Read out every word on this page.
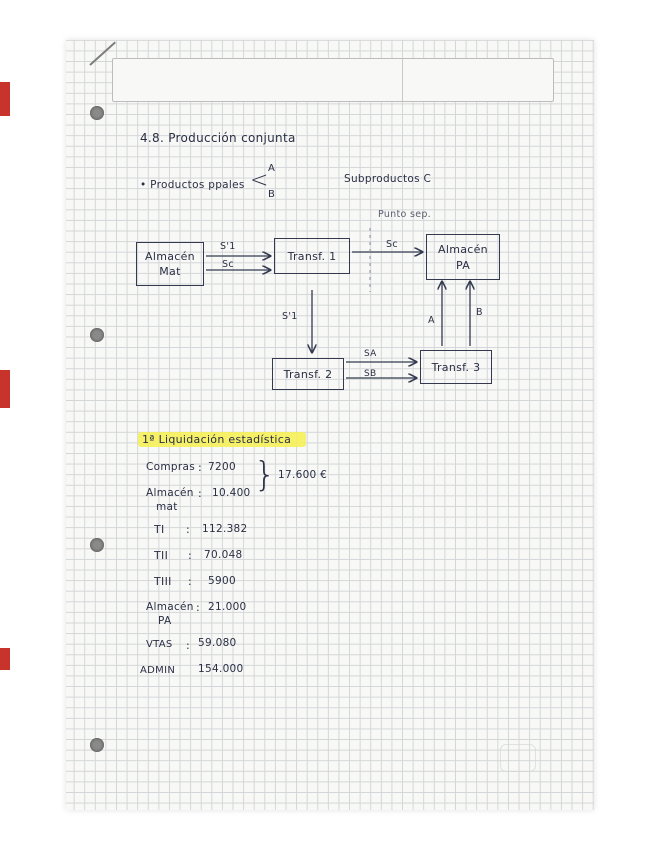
4.8. Producción conjunta
• Productos ppales < A
B
Subproductos C
Punto sep.
Almacén
Mat
Transf. 1
Almacén
PA
Transf. 2
Transf. 3
S'1
Sc
Sc
S'1
SA
SB
A
B
1ª Liquidación estadística
Compras : 7200
Almacén
mat
: 10.400 } 17.600 €
TI : 112.382
TII : 70.048
TIII : 5900
Almacén
PA
: 21.000
VTAS : 59.080
ADMIN 154.000
